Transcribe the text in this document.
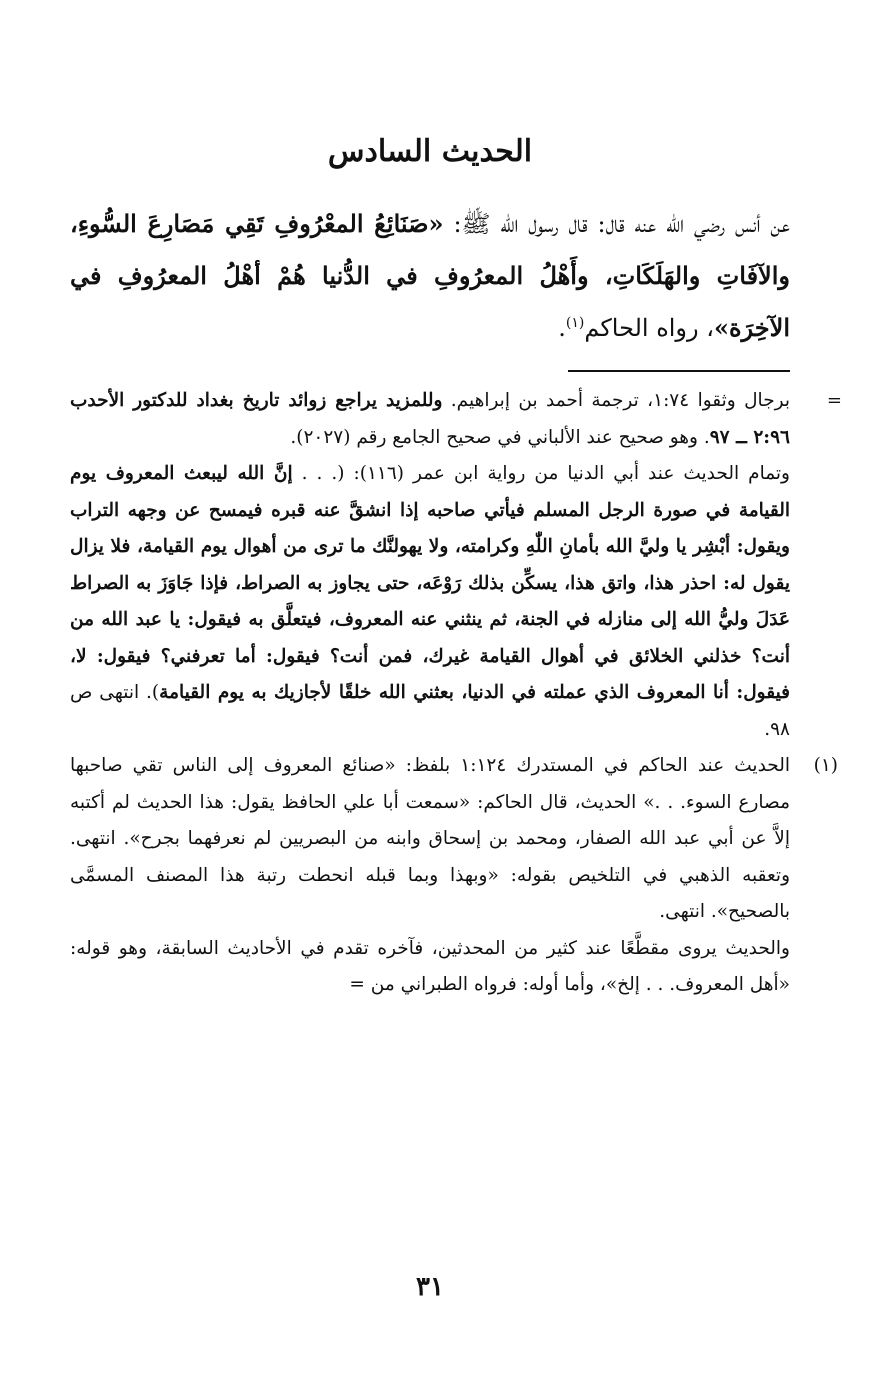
الحديث السادس

عن أنس رضي الله عنه قال: قال رسول الله ﷺ: «صَنَائِعُ المعْرُوفِ تَقِي مَصَارِعَ السُّوءِ، والآفَاتِ والهَلَكَاتِ، وأَهْلُ المعرُوفِ في الدُّنيا هُمْ أهْلُ المعرُوفِ في الآخِرَة»، رواه الحاكم$^{(١)}$.

=

برجال وثقوا ١:٧٤، ترجمة أحمد بن إبراهيم. وللمزيد يراجع زوائد تاريخ بغداد للدكتور الأحدب ٢:٩٦ ــ ٩٧. وهو صحيح عند الألباني في صحيح الجامع رقم (٢٠٢٧).

وتمام الحديث عند أبي الدنيا من رواية ابن عمر (١١٦): (. . . إنَّ الله ليبعث المعروف يوم القيامة في صورة الرجل المسلم فيأتي صاحبه إذا انشقَّ عنه قبره فيمسح عن وجهه التراب ويقول: أبْشِر يا وليَّ الله بأمانِ اللّٰهِ وكرامته، ولا يهولنَّك ما ترى من أهوال يوم القيامة، فلا يزال يقول له: احذر هذا، واتق هذا، يسكِّن بذلك رَوْعَه، حتى يجاوز به الصراط، فإذا جَاوَزَ به الصراط عَدَلَ وليُّ الله إلى منازله في الجنة، ثم ينثني عنه المعروف، فيتعلَّق به فيقول: يا عبد الله من أنت؟ خذلني الخلائق في أهوال القيامة غيرك، فمن أنت؟ فيقول: أما تعرفني؟ فيقول: لا، فيقول: أنا المعروف الذي عملته في الدنيا، بعثني الله خلقًا لأجازيك به يوم القيامة). انتهى ص ٩٨.

(١)
الحديث عند الحاكم في المستدرك ١:١٢٤ بلفظ: «صنائع المعروف إلى الناس تقي صاحبها مصارع السوء. . .» الحديث، قال الحاكم: «سمعت أبا علي الحافظ يقول: هذا الحديث لم أكتبه إلاَّ عن أبي عبد الله الصفار، ومحمد بن إسحاق وابنه من البصريين لم نعرفهما بجرح». انتهى. وتعقبه الذهبي في التلخيص بقوله: «وبهذا وبما قبله انحطت رتبة هذا المصنف المسمَّى بالصحيح». انتهى.

والحديث يروى مقطَّعًا عند كثير من المحدثين، فآخره تقدم في الأحاديث السابقة، وهو قوله: «أهل المعروف. . . إلخ»، وأما أوله: فرواه الطبراني من =

٣١
